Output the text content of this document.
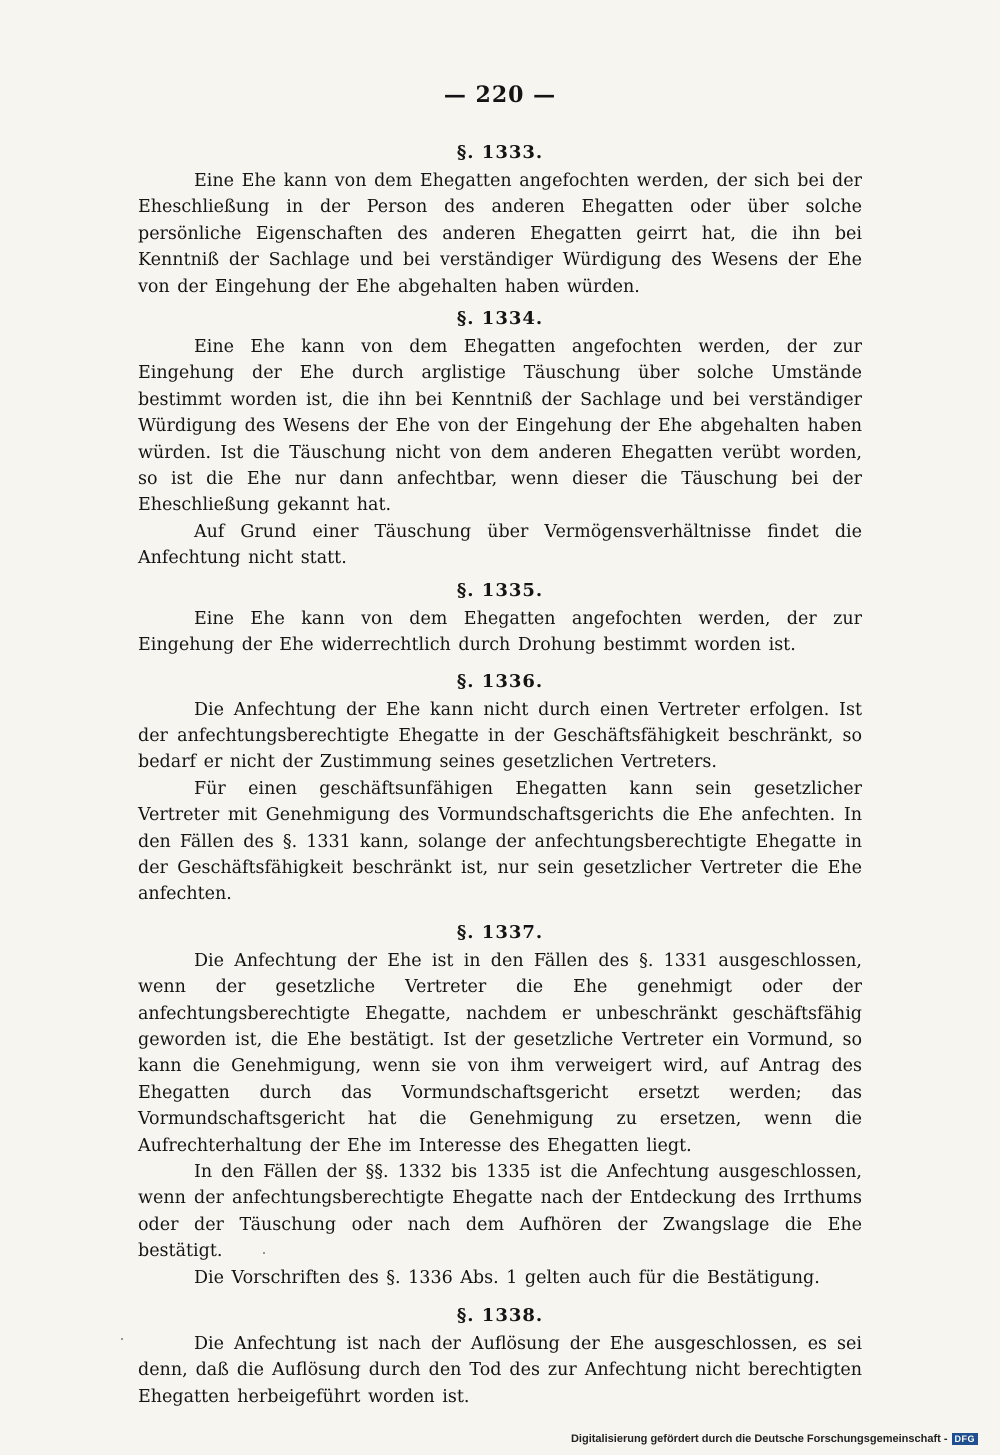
— 220 —
§. 1333.

Eine Ehe kann von dem Ehegatten angefochten werden, der sich bei der Eheschließung in der Person des anderen Ehegatten oder über solche persönliche Eigenschaften des anderen Ehegatten geirrt hat, die ihn bei Kenntniß der Sachlage und bei verständiger Würdigung des Wesens der Ehe von der Eingehung der Ehe abgehalten haben würden.

§. 1334.

Eine Ehe kann von dem Ehegatten angefochten werden, der zur Eingehung der Ehe durch arglistige Täuschung über solche Umstände bestimmt worden ist, die ihn bei Kenntniß der Sachlage und bei verständiger Würdigung des Wesens der Ehe von der Eingehung der Ehe abgehalten haben würden. Ist die Täuschung nicht von dem anderen Ehegatten verübt worden, so ist die Ehe nur dann anfechtbar, wenn dieser die Täuschung bei der Eheschließung gekannt hat.

Auf Grund einer Täuschung über Vermögensverhältnisse findet die Anfechtung nicht statt.

§. 1335.

Eine Ehe kann von dem Ehegatten angefochten werden, der zur Eingehung der Ehe widerrechtlich durch Drohung bestimmt worden ist.

§. 1336.

Die Anfechtung der Ehe kann nicht durch einen Vertreter erfolgen. Ist der anfechtungsberechtigte Ehegatte in der Geschäftsfähigkeit beschränkt, so bedarf er nicht der Zustimmung seines gesetzlichen Vertreters.

Für einen geschäftsunfähigen Ehegatten kann sein gesetzlicher Vertreter mit Genehmigung des Vormundschaftsgerichts die Ehe anfechten. In den Fällen des §. 1331 kann, solange der anfechtungsberechtigte Ehegatte in der Geschäftsfähigkeit beschränkt ist, nur sein gesetzlicher Vertreter die Ehe anfechten.

§. 1337.

Die Anfechtung der Ehe ist in den Fällen des §. 1331 ausgeschlossen, wenn der gesetzliche Vertreter die Ehe genehmigt oder der anfechtungsberechtigte Ehegatte, nachdem er unbeschränkt geschäftsfähig geworden ist, die Ehe bestätigt. Ist der gesetzliche Vertreter ein Vormund, so kann die Genehmigung, wenn sie von ihm verweigert wird, auf Antrag des Ehegatten durch das Vormundschaftsgericht ersetzt werden; das Vormundschaftsgericht hat die Genehmigung zu ersetzen, wenn die Aufrechterhaltung der Ehe im Interesse des Ehegatten liegt.

In den Fällen der §§. 1332 bis 1335 ist die Anfechtung ausgeschlossen, wenn der anfechtungsberechtigte Ehegatte nach der Entdeckung des Irrthums oder der Täuschung oder nach dem Aufhören der Zwangslage die Ehe bestätigt.

Die Vorschriften des §. 1336 Abs. 1 gelten auch für die Bestätigung.

§. 1338.

Die Anfechtung ist nach der Auflösung der Ehe ausgeschlossen, es sei denn, daß die Auflösung durch den Tod des zur Anfechtung nicht berechtigten Ehegatten herbeigeführt worden ist.

Digitalisierung gefördert durch die Deutsche Forschungsgemeinschaft - DFG
